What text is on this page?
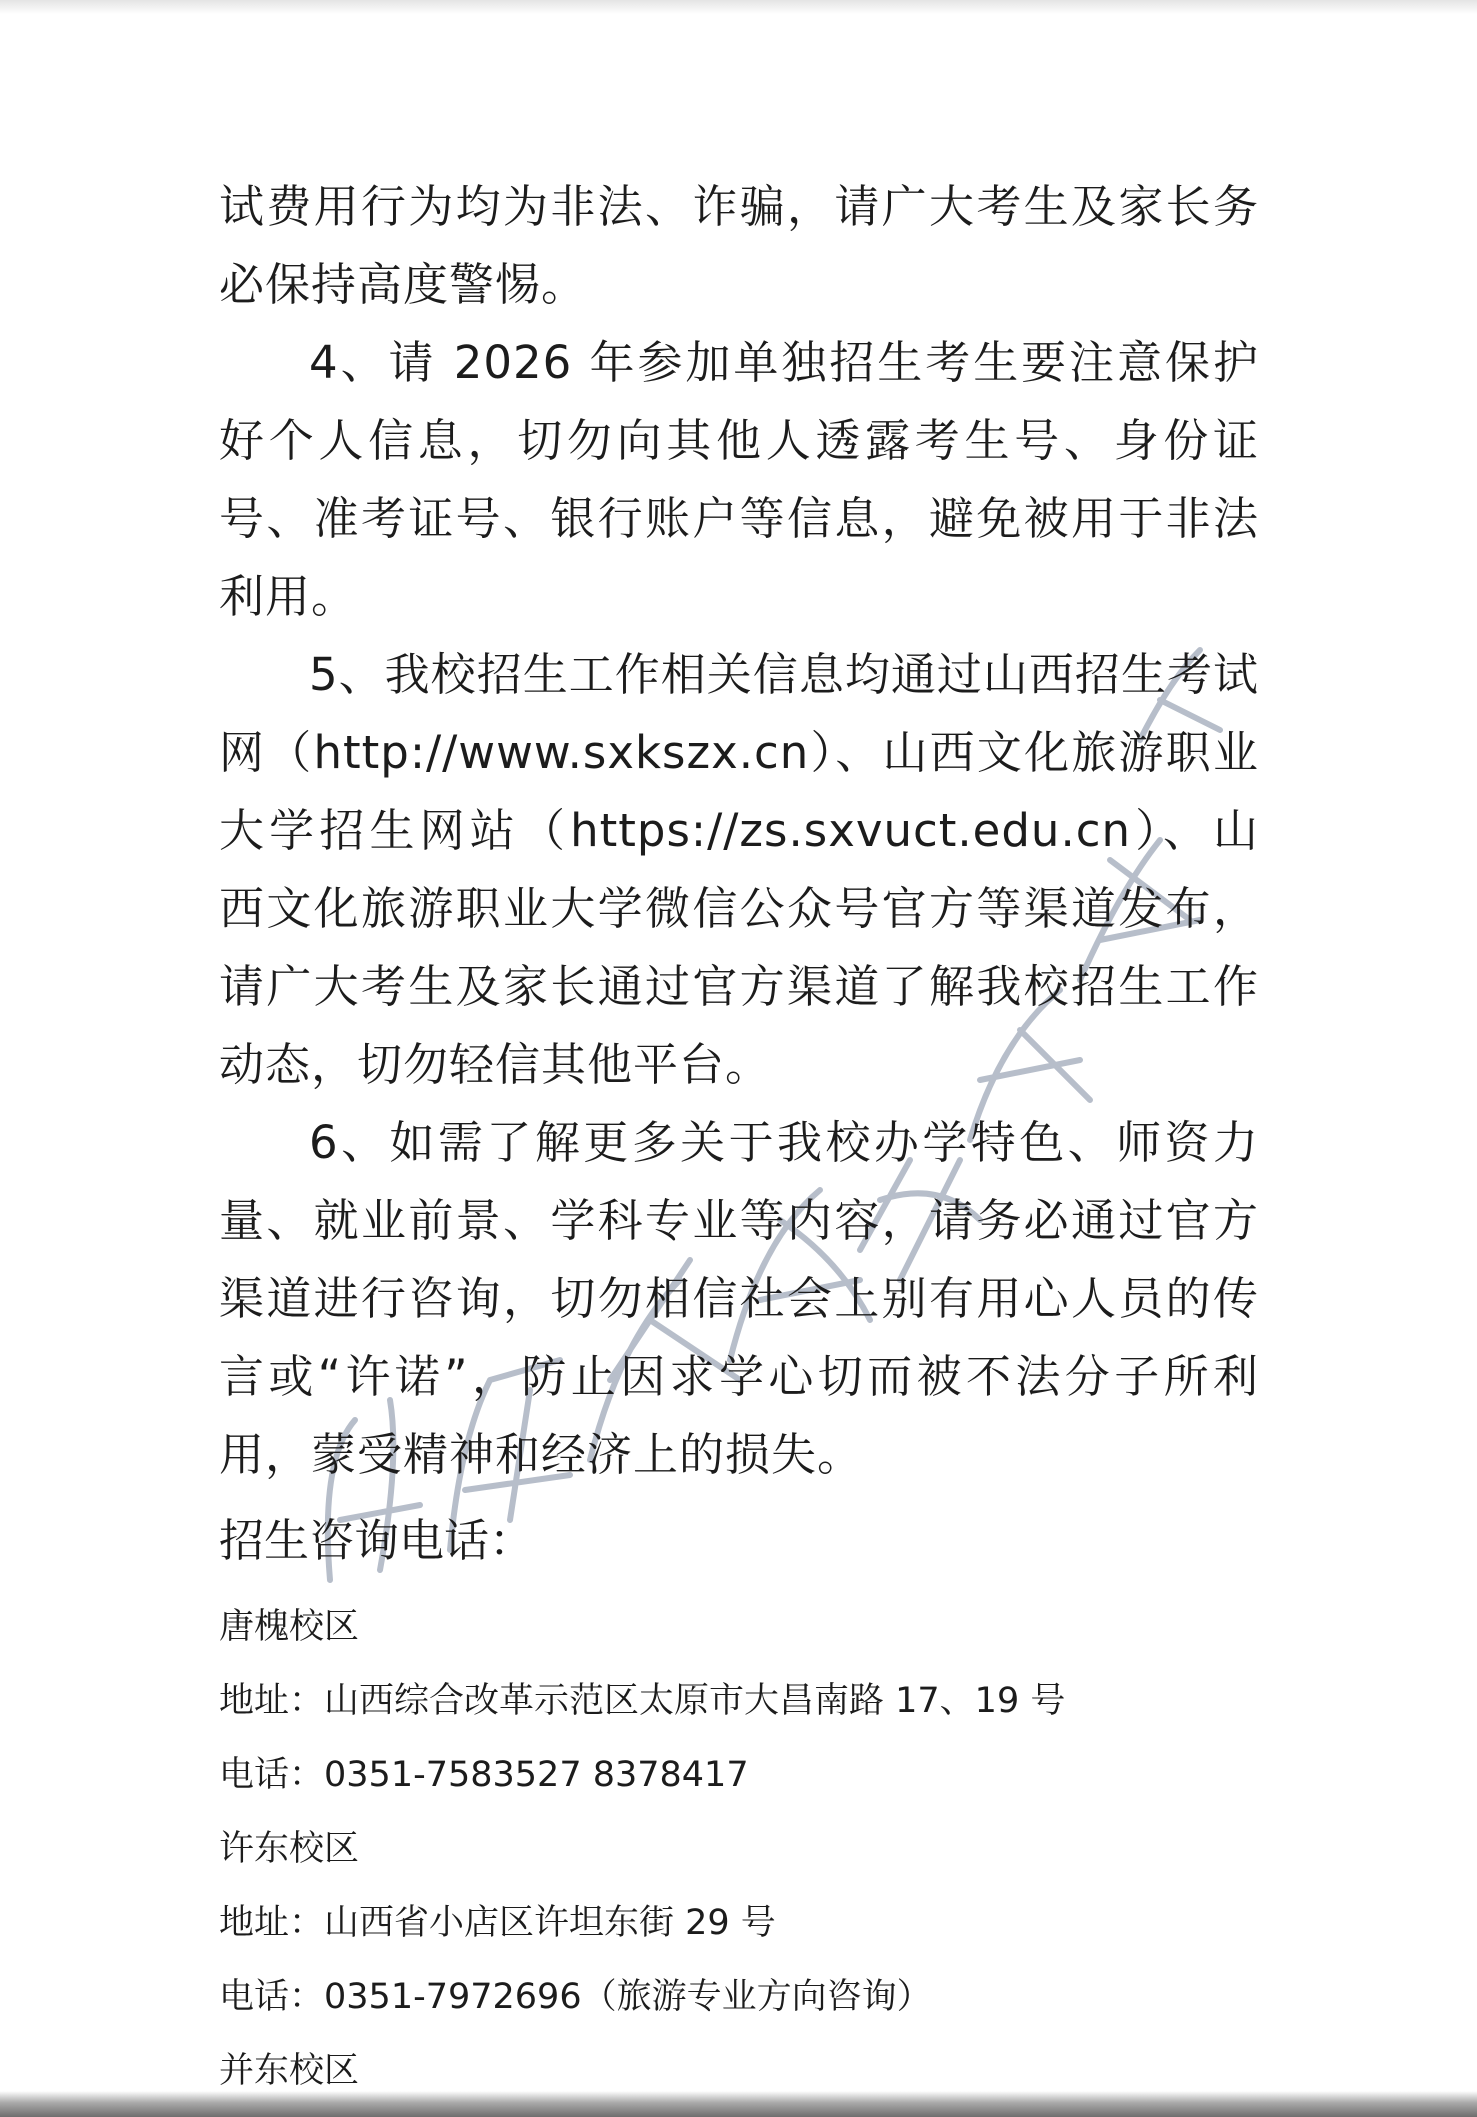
试费用行为均为非法、诈骗，请广大考生及家长务必保持高度警惕。

4、请 2026 年参加单独招生考生要注意保护好个人信息，切勿向其他人透露考生号、身份证号、准考证号、银行账户等信息，避免被用于非法利用。

5、我校招生工作相关信息均通过山西招生考试网（http://www.sxkszx.cn）、山西文化旅游职业大学招生网站（https://zs.sxvuct.edu.cn）、山西文化旅游职业大学微信公众号官方等渠道发布，请广大考生及家长通过官方渠道了解我校招生工作动态，切勿轻信其他平台。

6、如需了解更多关于我校办学特色、师资力量、就业前景、学科专业等内容，请务必通过官方渠道进行咨询，切勿相信社会上别有用心人员的传言或“许诺”，防止因求学心切而被不法分子所利用，蒙受精神和经济上的损失。

招生咨询电话：

唐槐校区

地址：山西综合改革示范区太原市大昌南路 17、19 号

电话：0351-7583527 8378417

许东校区

地址：山西省小店区许坦东街 29 号

电话：0351-7972696（旅游专业方向咨询）

并东校区
